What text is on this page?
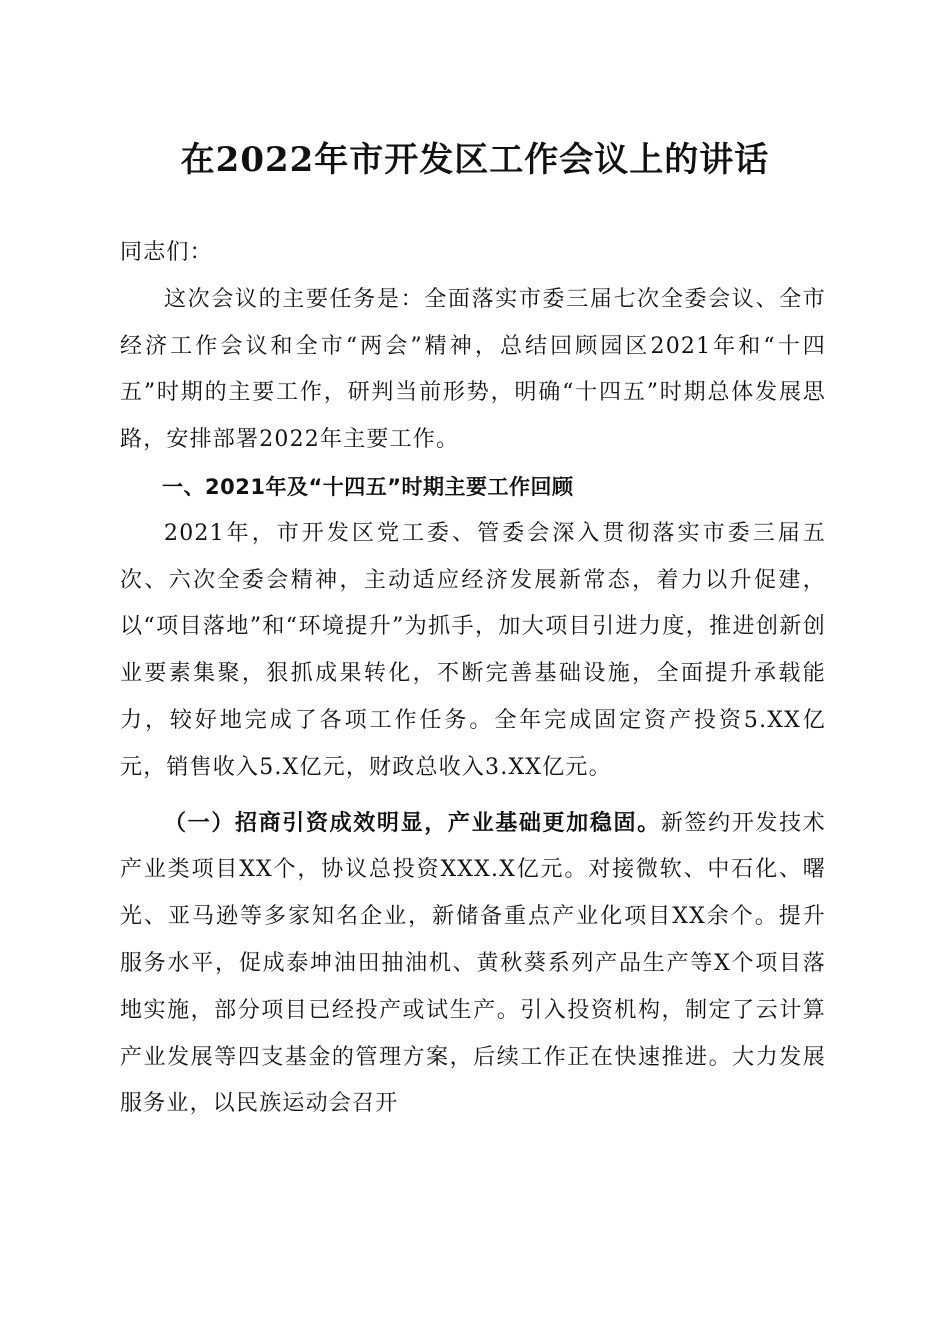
在2022年市开发区工作会议上的讲话

同志们：

这次会议的主要任务是：全面落实市委三届七次全委会议、全市经济工作会议和全市“两会”精神，总结回顾园区2021年和“十四五”时期的主要工作，研判当前形势，明确“十四五”时期总体发展思路，安排部署2022年主要工作。

一、2021年及“十四五”时期主要工作回顾

2021年，市开发区党工委、管委会深入贯彻落实市委三届五次、六次全委会精神，主动适应经济发展新常态，着力以升促建，以“项目落地”和“环境提升”为抓手，加大项目引进力度，推进创新创业要素集聚，狠抓成果转化，不断完善基础设施，全面提升承载能力，较好地完成了各项工作任务。全年完成固定资产投资5.XX亿元，销售收入5.X亿元，财政总收入3.XX亿元。

（一）招商引资成效明显，产业基础更加稳固。新签约开发技术产业类项目XX个，协议总投资XXX.X亿元。对接微软、中石化、曙光、亚马逊等多家知名企业，新储备重点产业化项目XX余个。提升服务水平，促成泰坤油田抽油机、黄秋葵系列产品生产等X个项目落地实施，部分项目已经投产或试生产。引入投资机构，制定了云计算产业发展等四支基金的管理方案，后续工作正在快速推进。大力发展服务业，以民族运动会召开
